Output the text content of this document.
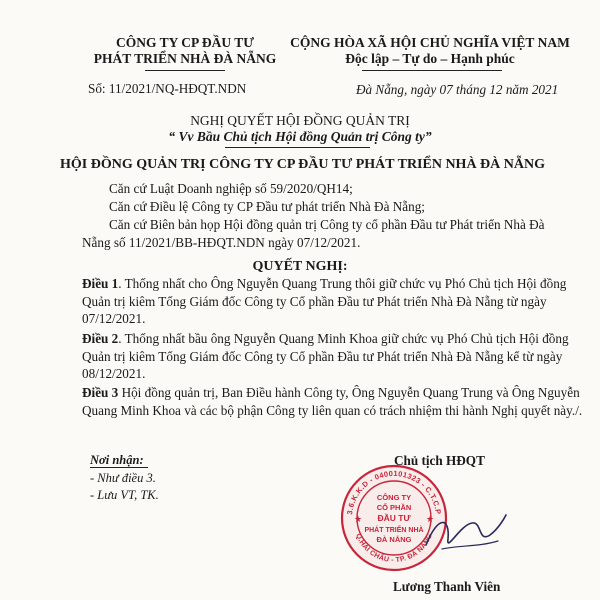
CÔNG TY CP ĐẦU TƯ
PHÁT TRIỂN NHÀ ĐÀ NẴNG
Số: 11/2021/NQ-HĐQT.NDN
CỘNG HÒA XÃ HỘI CHỦ NGHĨA VIỆT NAM
Độc lập – Tự do – Hạnh phúc
Đà Nẵng, ngày 07 tháng 12 năm 2021
NGHỊ QUYẾT HỘI ĐỒNG QUẢN TRỊ
“ Vv Bầu Chủ tịch Hội đồng Quản trị Công ty”
HỘI ĐỒNG QUẢN TRỊ CÔNG TY CP ĐẦU TƯ PHÁT TRIỂN NHÀ ĐÀ NẴNG
Căn cứ Luật Doanh nghiệp số 59/2020/QH14;
Căn cứ Điều lệ Công ty CP Đầu tư phát triển Nhà Đà Nẵng;
Căn cứ Biên bản họp Hội đồng quản trị Công ty cổ phần Đầu tư Phát triển Nhà Đà
Nẵng số 11/2021/BB-HĐQT.NDN ngày 07/12/2021.
QUYẾT NGHỊ:
Điều 1. Thống nhất cho Ông Nguyễn Quang Trung thôi giữ chức vụ Phó Chủ tịch Hội đồng Quản trị kiêm Tổng Giám đốc Công ty Cổ phần Đầu tư Phát triển Nhà Đà Nẵng từ ngày 07/12/2021.
Điều 2. Thống nhất bầu ông Nguyễn Quang Minh Khoa giữ chức vụ Phó Chủ tịch Hội đồng Quản trị kiêm Tổng Giám đốc Công ty Cổ phần Đầu tư Phát triển Nhà Đà Nẵng kể từ ngày 08/12/2021.
Điều 3 Hội đồng quản trị, Ban Điều hành Công ty, Ông Nguyễn Quang Trung và Ông Nguyễn Quang Minh Khoa và các bộ phận Công ty liên quan có trách nhiệm thi hành Nghị quyết này./.
Nơi nhận:
- Như điều 3.
- Lưu VT, TK.
Chủ tịch HĐQT
3.6.K.K.D - 0400101323 - C.T.C.P
Q.HẢI CHÂU - TP. ĐÀ NẴNG
CÔNG TY
CỔ PHẦN
ĐẦU TƯ
PHÁT TRIỂN NHÀ
ĐÀ NẴNG
★	★
Lương Thanh Viên
